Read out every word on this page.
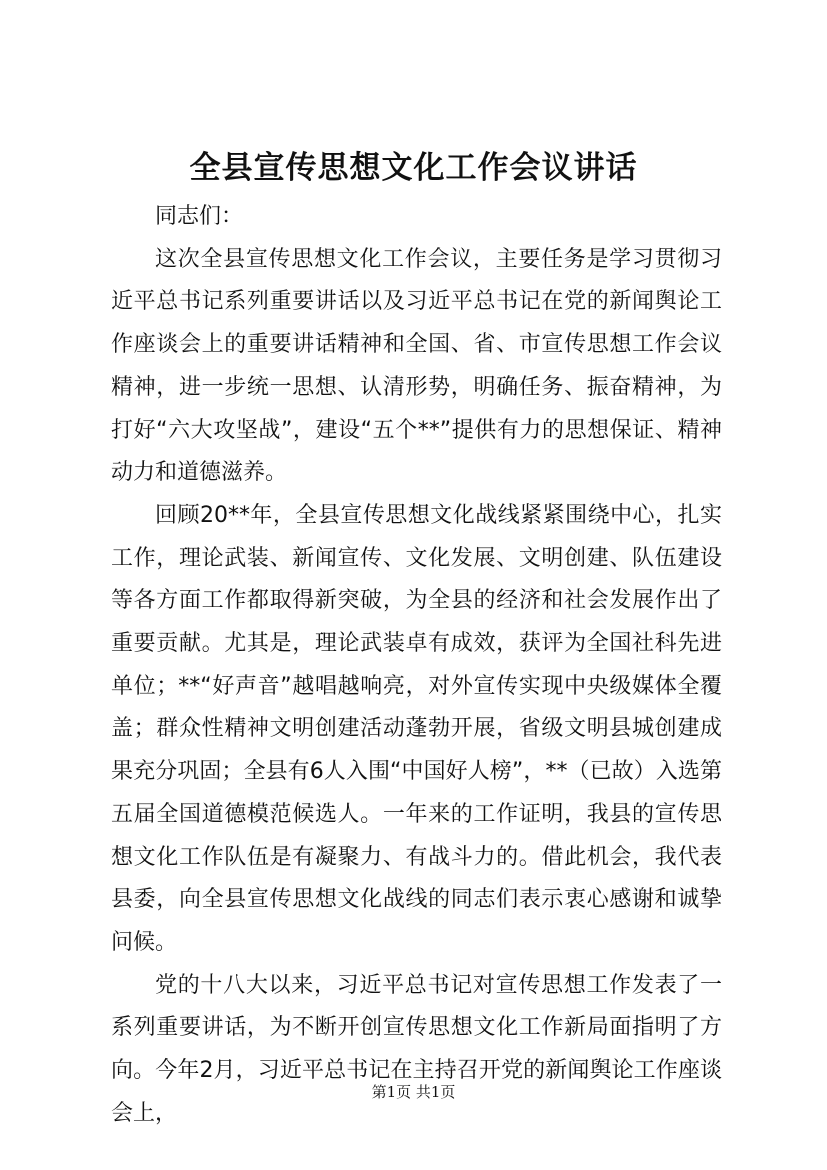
全县宣传思想文化工作会议讲话

同志们：

这次全县宣传思想文化工作会议，主要任务是学习贯彻习近平总书记系列重要讲话以及习近平总书记在党的新闻舆论工作座谈会上的重要讲话精神和全国、省、市宣传思想工作会议精神，进一步统一思想、认清形势，明确任务、振奋精神，为打好“六大攻坚战”，建设“五个**”提供有力的思想保证、精神动力和道德滋养。

回顾20**年，全县宣传思想文化战线紧紧围绕中心，扎实工作，理论武装、新闻宣传、文化发展、文明创建、队伍建设等各方面工作都取得新突破，为全县的经济和社会发展作出了重要贡献。尤其是，理论武装卓有成效，获评为全国社科先进单位；**“好声音”越唱越响亮，对外宣传实现中央级媒体全覆盖；群众性精神文明创建活动蓬勃开展，省级文明县城创建成果充分巩固；全县有6人入围“中国好人榜”，**（已故）入选第五届全国道德模范候选人。一年来的工作证明，我县的宣传思想文化工作队伍是有凝聚力、有战斗力的。借此机会，我代表县委，向全县宣传思想文化战线的同志们表示衷心感谢和诚挚问候。

党的十八大以来，习近平总书记对宣传思想工作发表了一系列重要讲话，为不断开创宣传思想文化工作新局面指明了方向。今年2月，习近平总书记在主持召开党的新闻舆论工作座谈会上，

第1页 共1页
